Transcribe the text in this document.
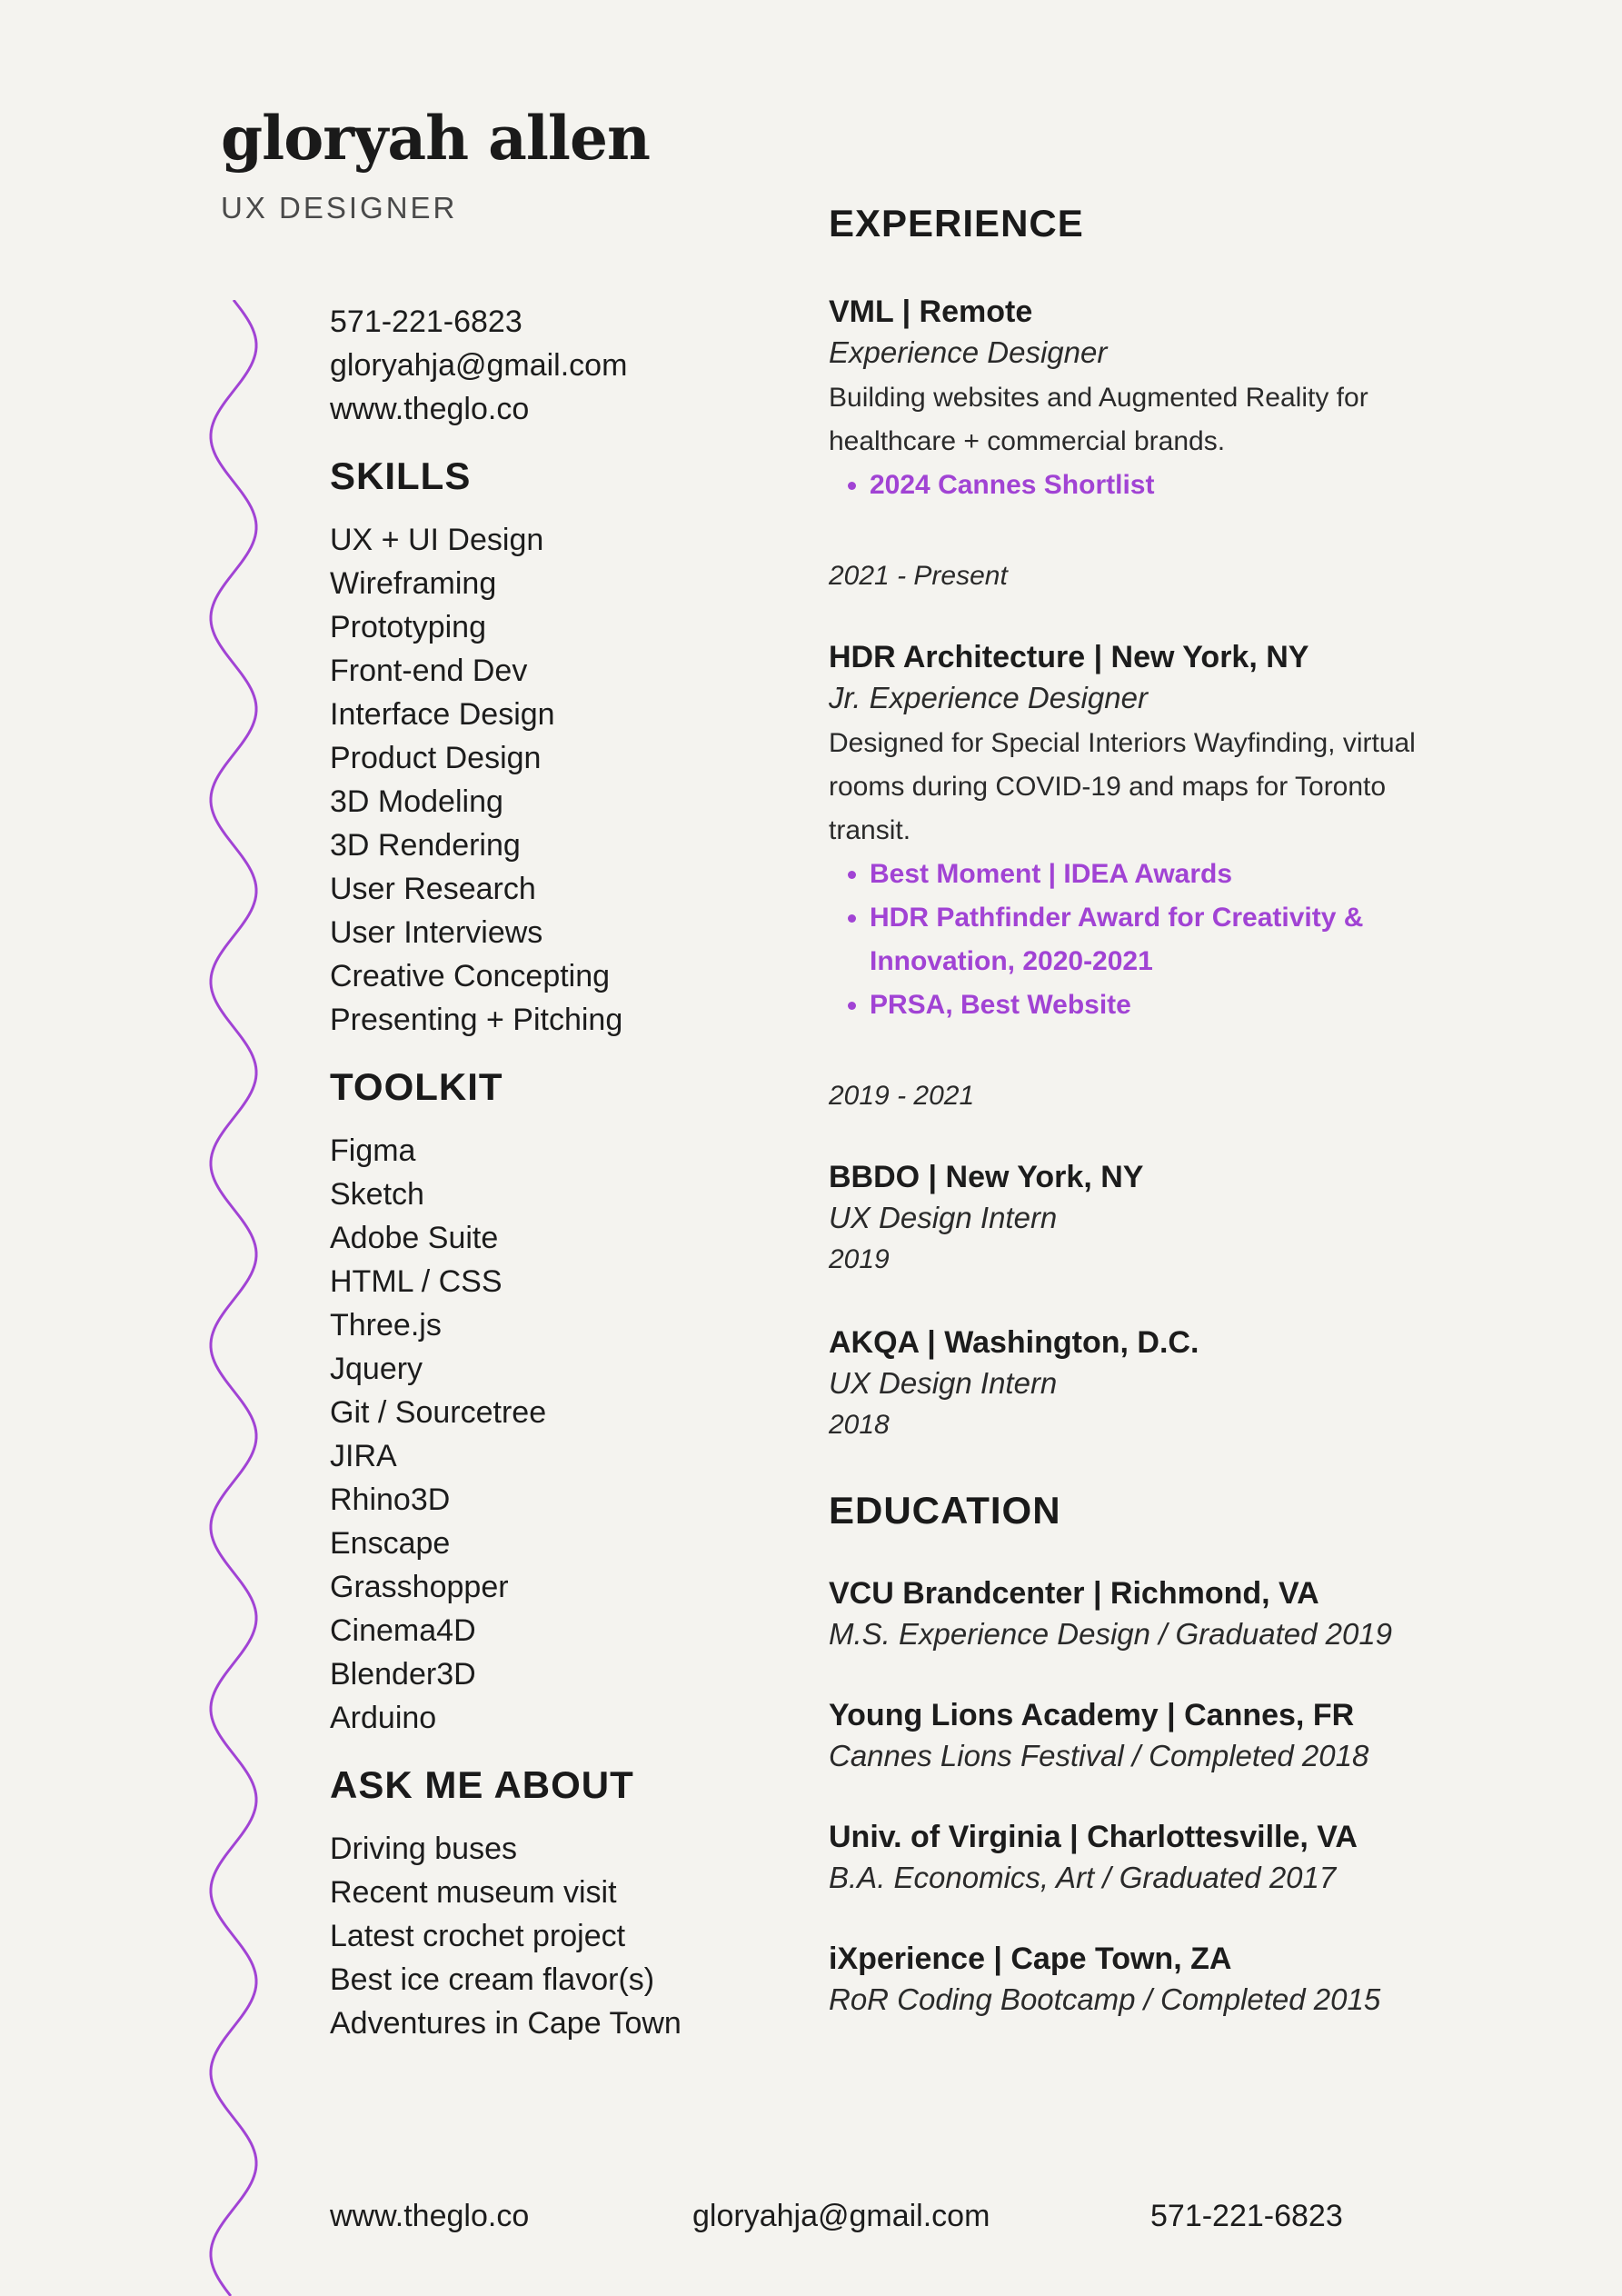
gloryah allen
UX DESIGNER

571-221-6823

gloryahja@gmail.com

www.theglo.co

SKILLS
UX + UI Design
Wireframing
Prototyping
Front-end Dev
Interface Design
Product Design
3D Modeling
3D Rendering
User Research
User Interviews
Creative Concepting
Presenting + Pitching
TOOLKIT
Figma
Sketch
Adobe Suite
HTML / CSS
Three.js
Jquery
Git / Sourcetree
JIRA
Rhino3D
Enscape
Grasshopper
Cinema4D
Blender3D
Arduino
ASK ME ABOUT
Driving buses
Recent museum visit
Latest crochet project
Best ice cream flavor(s)
Adventures in Cape Town
EXPERIENCE

VML | Remote

Experience Designer

Building websites and Augmented Reality for healthcare + commercial brands.

• 2024 Cannes Shortlist

2021 - Present

HDR Architecture | New York, NY

Jr. Experience Designer

Designed for Special Interiors Wayfinding, virtual rooms during COVID-19 and maps for Toronto transit.

• Best Moment | IDEA Awards
• HDR Pathfinder Award for Creativity & Innovation, 2020-2021
• PRSA, Best Website

2019 - 2021

BBDO | New York, NY

UX Design Intern

2019

AKQA | Washington, D.C.

UX Design Intern

2018

EDUCATION

VCU Brandcenter | Richmond, VA

M.S. Experience Design / Graduated 2019

Young Lions Academy | Cannes, FR

Cannes Lions Festival / Completed 2018

Univ. of Virginia | Charlottesville, VA

B.A. Economics, Art / Graduated 2017

iXperience | Cape Town, ZA

RoR Coding Bootcamp / Completed 2015

www.theglo.co	gloryahja@gmail.com	571-221-6823
